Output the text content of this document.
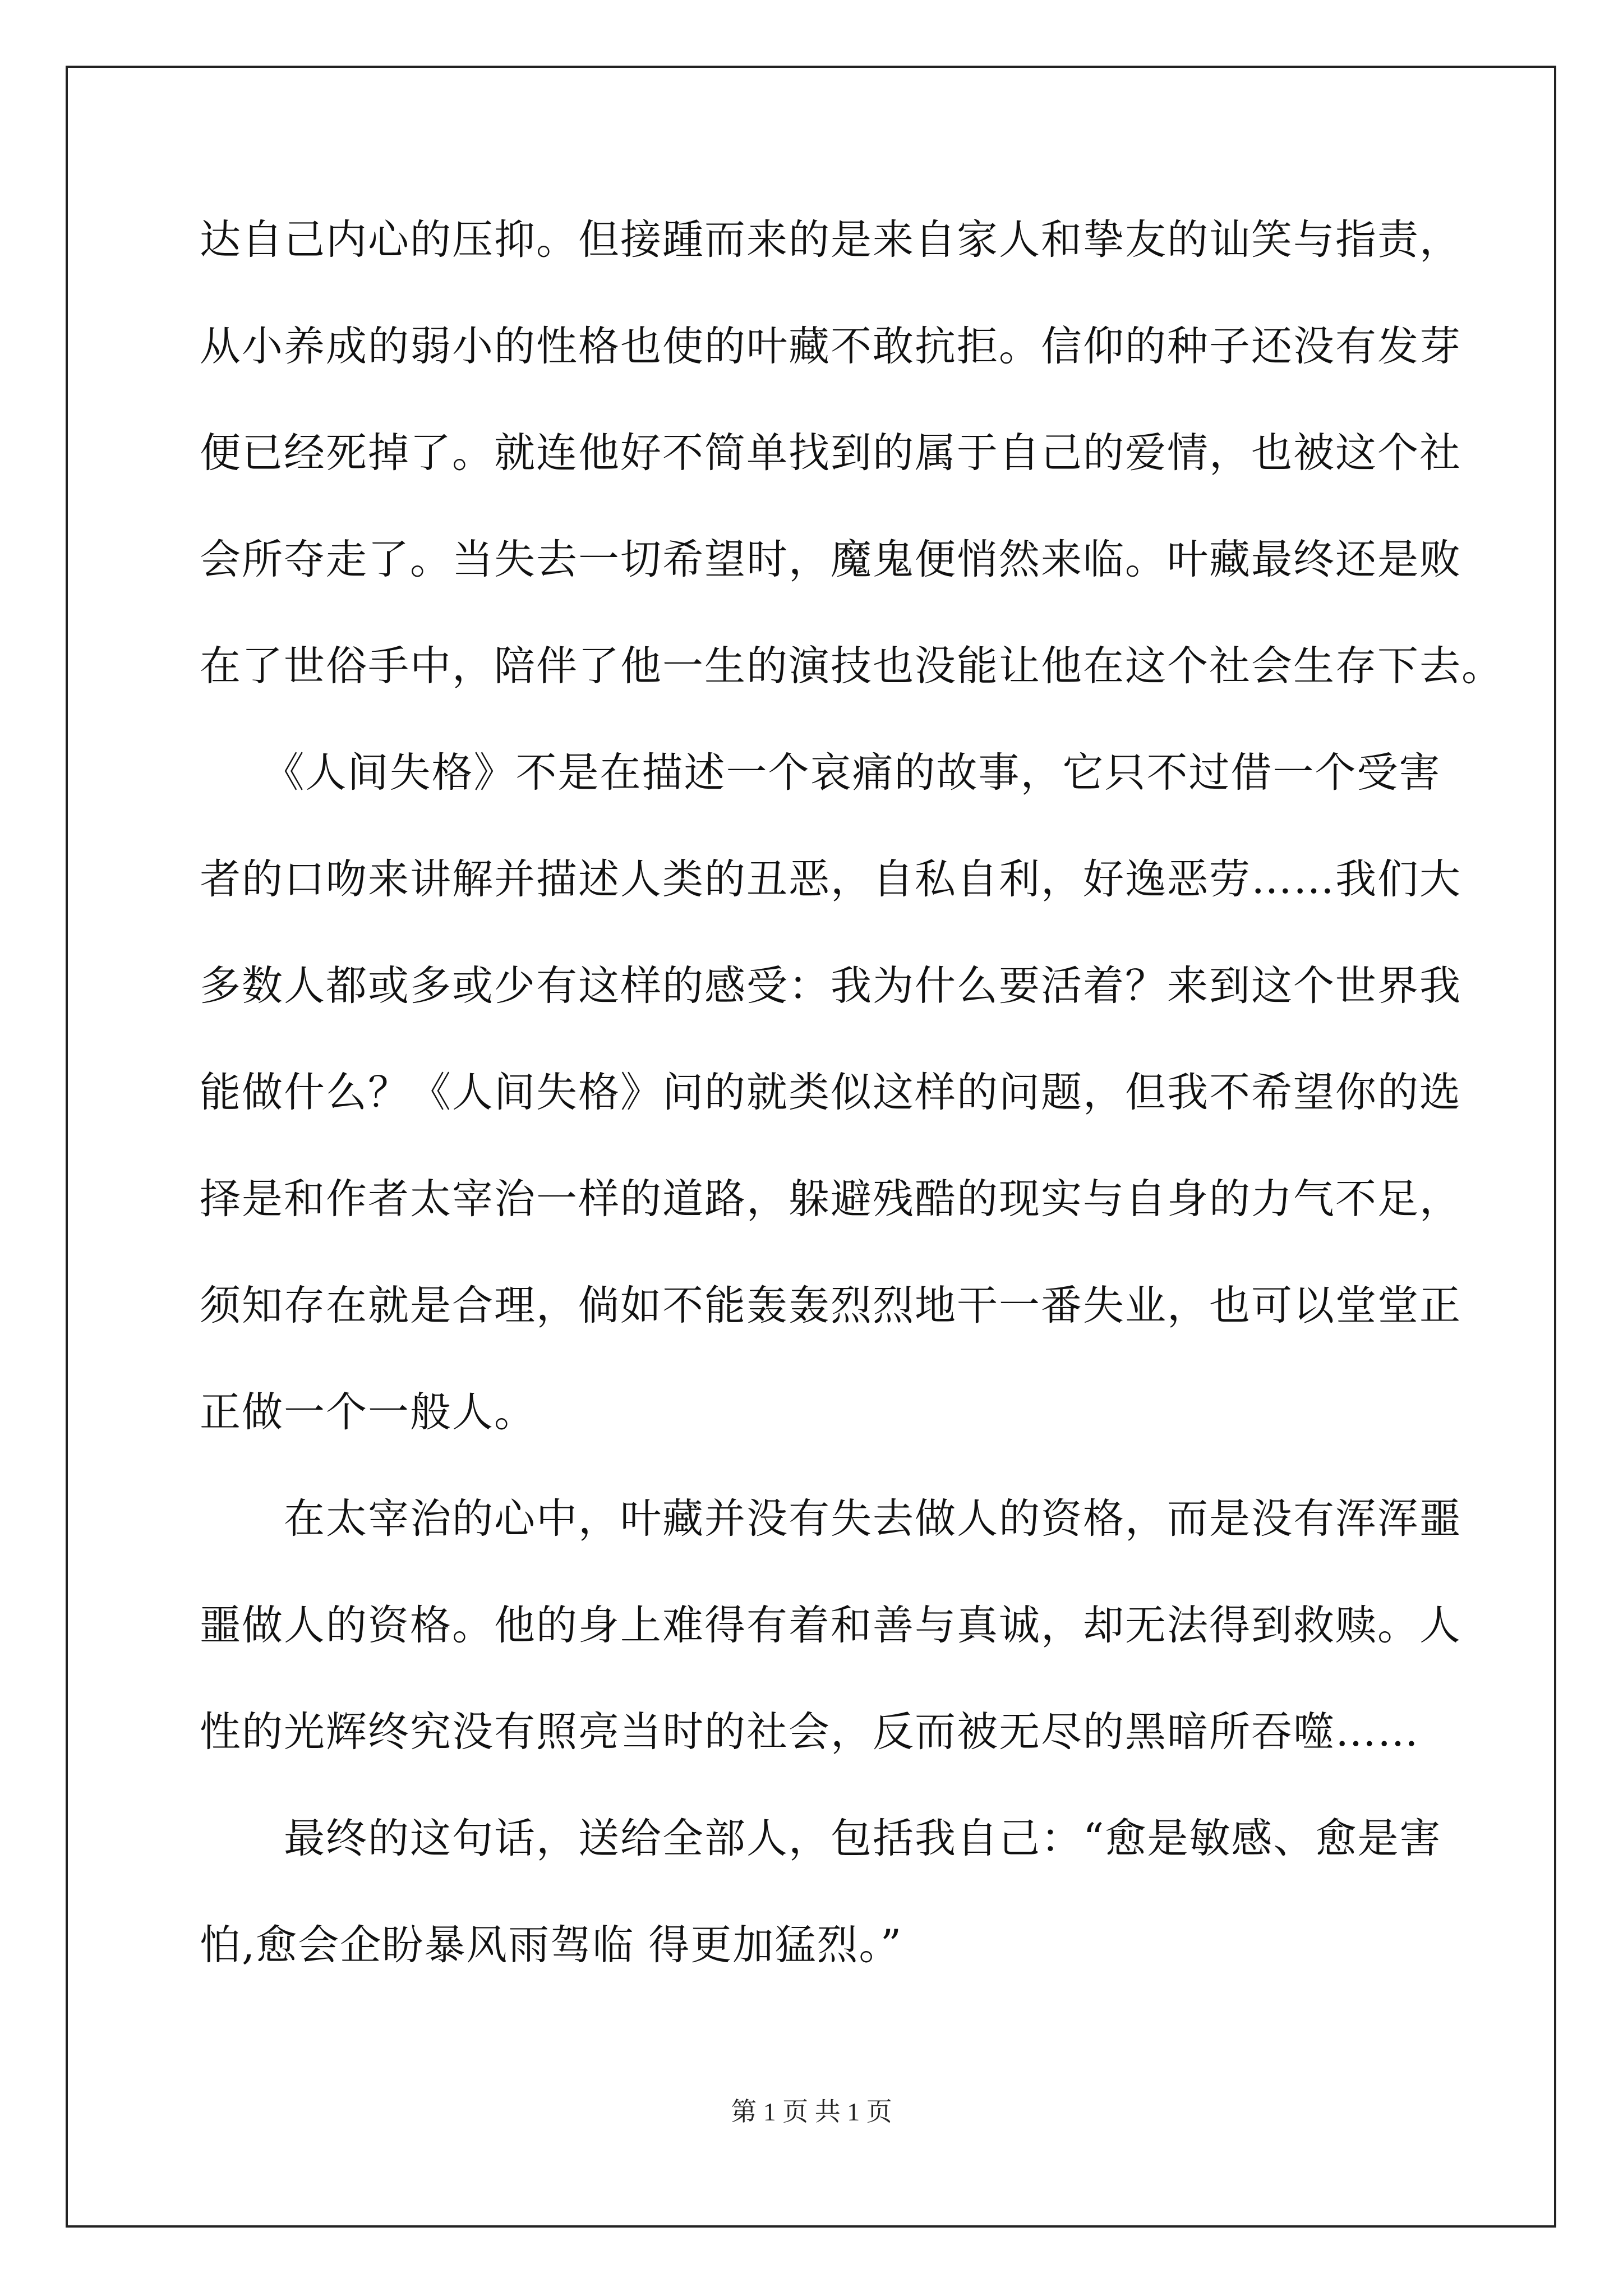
达自己内心的压抑。但接踵而来的是来自家人和挚友的讪笑与指责，
从小养成的弱小的性格也使的叶藏不敢抗拒。信仰的种子还没有发芽
便已经死掉了。就连他好不简单找到的属于自己的爱情，也被这个社
会所夺走了。当失去一切希望时，魔鬼便悄然来临。叶藏最终还是败
在了世俗手中，陪伴了他一生的演技也没能让他在这个社会生存下去。
　　《人间失格》不是在描述一个哀痛的故事，它只不过借一个受害
者的口吻来讲解并描述人类的丑恶，自私自利，好逸恶劳……我们大
多数人都或多或少有这样的感受：我为什么要活着？来到这个世界我
能做什么？《人间失格》问的就类似这样的问题，但我不希望你的选
择是和作者太宰治一样的道路，躲避残酷的现实与自身的力气不足，
须知存在就是合理，倘如不能轰轰烈烈地干一番失业，也可以堂堂正
正做一个一般人。
　　在太宰治的心中，叶藏并没有失去做人的资格，而是没有浑浑噩
噩做人的资格。他的身上难得有着和善与真诚，却无法得到救赎。人
性的光辉终究没有照亮当时的社会，反而被无尽的黑暗所吞噬……
　　最终的这句话，送给全部人，包括我自己：“愈是敏感、愈是害
怕,愈会企盼暴风雨驾临 得更加猛烈。”
第 1 页 共 1 页
